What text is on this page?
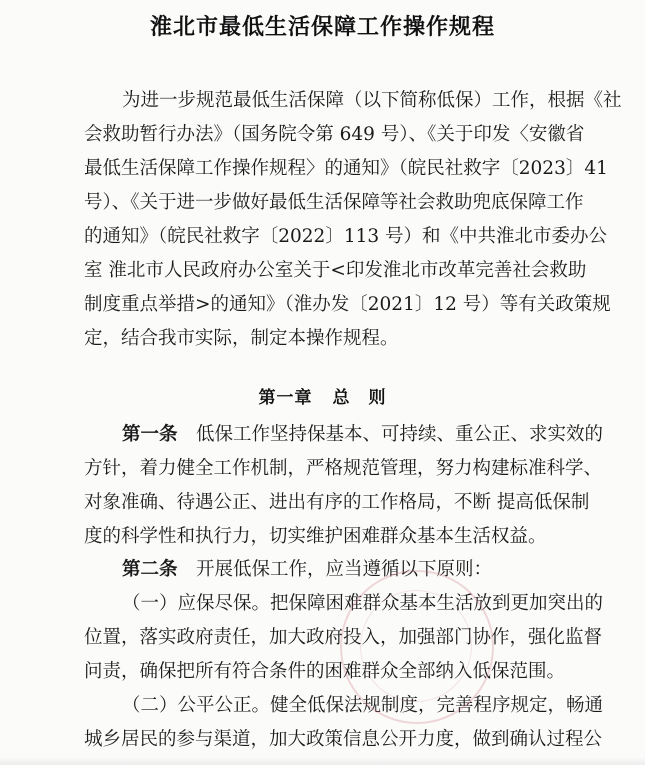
淮北市最低生活保障工作操作规程
为进一步规范最低生活保障（以下简称低保）工作，根据《社
会救助暂行办法》（国务院令第 649 号）、《关于印发〈安徽省
最低生活保障工作操作规程〉的通知》（皖民社救字〔2023〕41
号）、《关于进一步做好最低生活保障等社会救助兜底保障工作
的通知》（皖民社救字〔2022〕113 号）和《中共淮北市委办公
室 淮北市人民政府办公室关于<印发淮北市改革完善社会救助
制度重点举措>的通知》（淮办发〔2021〕12 号）等有关政策规
定，结合我市实际，制定本操作规程。
第一章 总　则
第一条　 低保工作坚持保基本、可持续、重公正、求实效的
方针，着力健全工作机制，严格规范管理，努力构建标准科学、
对象准确、待遇公正、进出有序的工作格局，不断 提高低保制
度的科学性和执行力，切实维护困难群众基本生活权益。
第二条　 开展低保工作，应当遵循以下原则：
（一）应保尽保。把保障困难群众基本生活放到更加突出的
位置，落实政府责任，加大政府投入，加强部门协作，强化监督
问责，确保把所有符合条件的困难群众全部纳入低保范围。
（二）公平公正。健全低保法规制度，完善程序规定，畅通
城乡居民的参与渠道，加大政策信息公开力度，做到确认过程公
